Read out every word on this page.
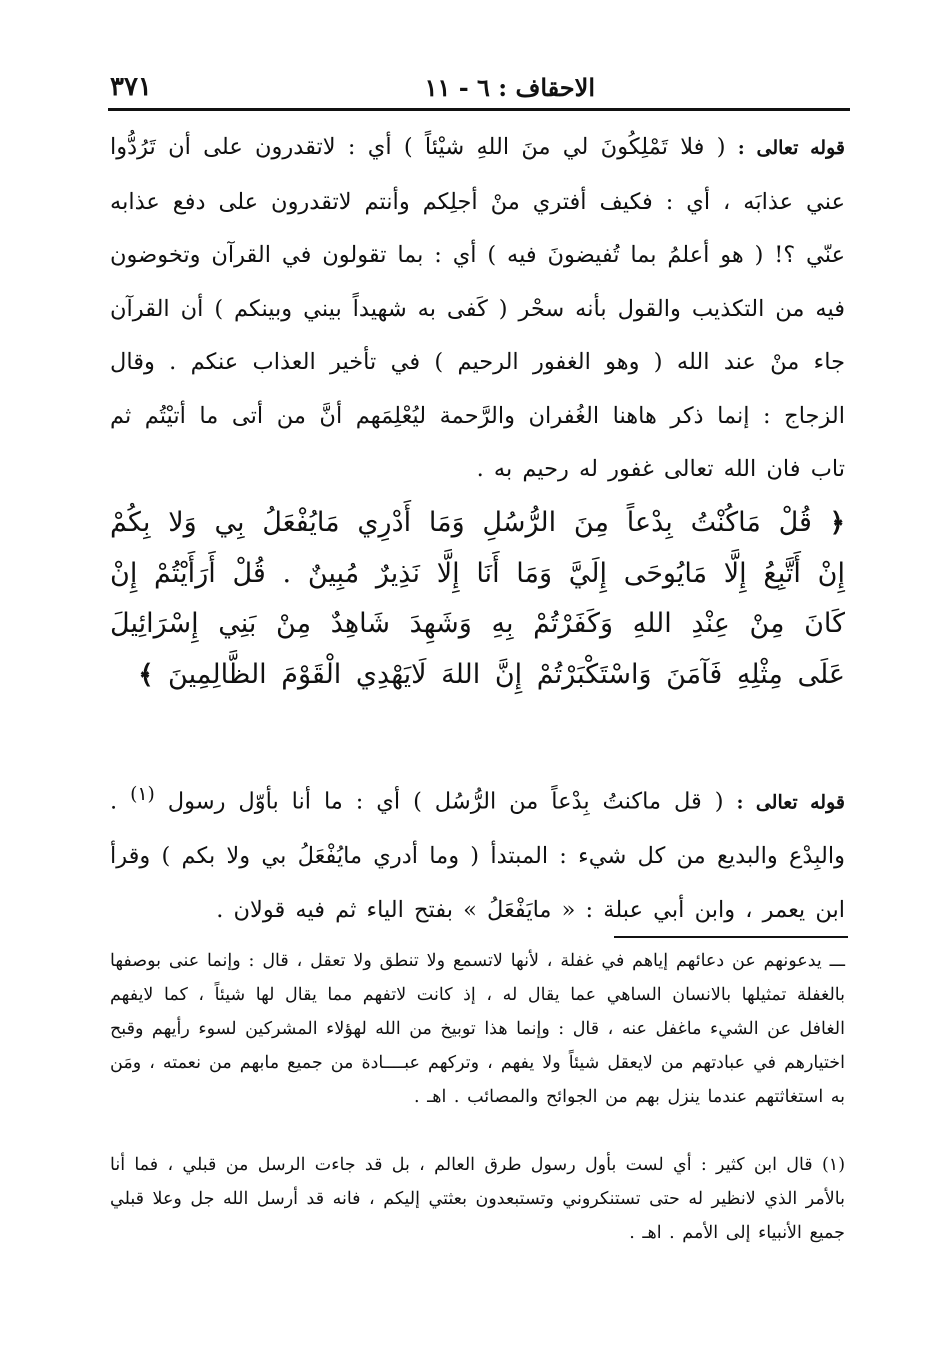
٣٧١	الاحقاف : ٦ - ١١
قوله تعالى : ( فلا تَمْلِكُونَ لي منَ اللهِ شيْئاً ) أي : لاتقدرون على أن تَرُدُّوا عني عذابَه ، أي : فكيف أفتري منْ أجلِكم وأنتم لاتقدرون على دفع عذابه عنّي ؟! ( هو أعلمُ بما تُفيضونَ فيه ) أي : بما تقولون في القرآن وتخوضون فيه من التكذيب والقول بأنه سحْر ( كَفى به شهيداً بيني وبينكم ) أن القرآن جاء منْ عند الله ( وهو الغفور الرحيم ) في تأخير العذاب عنكم . وقال الزجاج : إنما ذكر هاهنا الغُفران والرَّحمة ليُعْلِمَهم أنَّ من أتى ما أتيْتُم ثم تاب فان الله تعالى غفور له رحيم به .
﴿ قُلْ مَاكُنْتُ بِدْعاً مِنَ الرُّسُلِ وَمَا أَدْرِي مَايُفْعَلُ بِي وَلا بِكُمْ إِنْ أَتَّبِعُ إِلَّا مَايُوحَى إِلَيَّ وَمَا أَنَا إِلَّا نَذِيرٌ مُبِينٌ . قُلْ أَرَأَيْتُمْ إِنْ كَانَ مِنْ عِنْدِ اللهِ وَكَفَرْتُمْ بِهِ وَشَهِدَ شَاهِدٌ مِنْ بَنِي إِسْرَائِيلَ عَلَى مِثْلِهِ فَآمَنَ وَاسْتَكْبَرْتُمْ إِنَّ اللهَ لَايَهْدِي الْقَوْمَ الظَّالِمِينَ ﴾
قوله تعالى : ( قل ماكنتُ بِدْعاً من الرُّسُل ) أي : ما أنا بأوّل رسول $^{(١)}$ . والبِدْع والبديع من كل شيء : المبتدأ ( وما أدري مايُفْعَلُ بي ولا بكم ) وقرأ ابن يعمر ، وابن أبي عبلة : « مايَفْعَلُ » بفتح الياء ثم فيه قولان .
ـــ يدعونهم عن دعائهم إياهم في غفلة ، لأنها لاتسمع ولا تنطق ولا تعقل ، قال : وإنما عنى بوصفها بالغفلة تمثيلها بالانسان الساهي عما يقال له ، إذ كانت لاتفهم مما يقال لها شيئاً ، كما لايفهم الغافل عن الشيء ماغفل عنه ، قال : وإنما هذا توبيخ من الله لهؤلاء المشركين لسوء رأيهم وقبح اختيارهم في عبادتهم من لايعقل شيئاً ولا يفهم ، وتركهم عبــــادة من جميع مابهم من نعمته ، ومَن به استغاثتهم عندما ينزل بهم من الجوائح والمصائب . اهـ .
(١) قال ابن كثير : أي لست بأول رسول طرق العالم ، بل قد جاءت الرسل من قبلي ، فما أنا بالأمر الذي لانظير له حتى تستنكروني وتستبعدون بعثتي إليكم ، فانه قد أرسل الله جل وعلا قبلي جميع الأنبياء إلى الأمم . اهـ .
